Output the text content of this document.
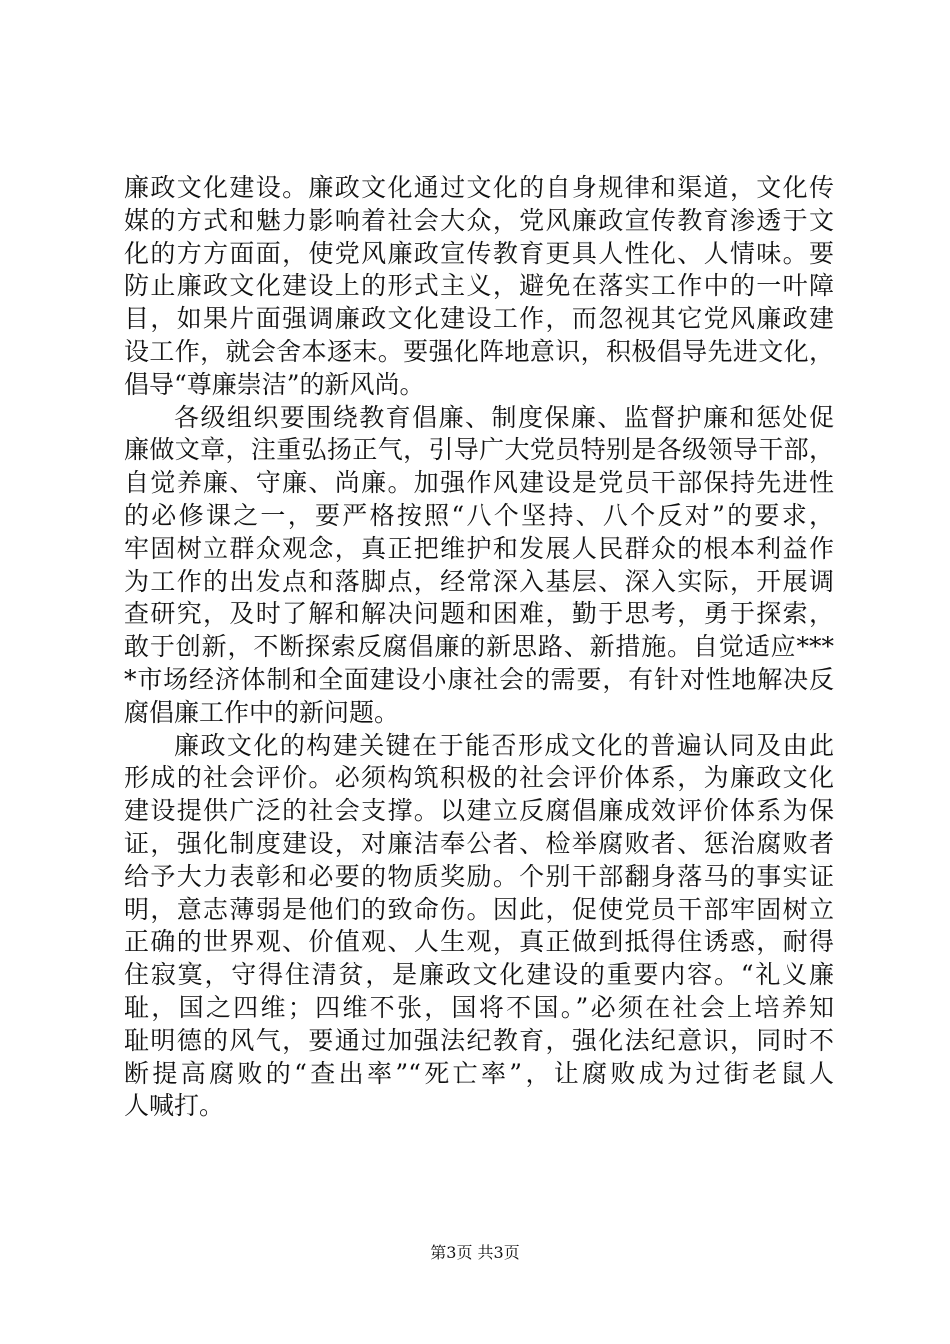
廉政文化建设。廉政文化通过文化的自身规律和渠道，文化传
媒的方式和魅力影响着社会大众，党风廉政宣传教育渗透于文
化的方方面面，使党风廉政宣传教育更具人性化、人情味。要
防止廉政文化建设上的形式主义，避免在落实工作中的一叶障
目，如果片面强调廉政文化建设工作，而忽视其它党风廉政建
设工作，就会舍本逐末。要强化阵地意识，积极倡导先进文化，
倡导“尊廉崇洁”的新风尚。
各级组织要围绕教育倡廉、制度保廉、监督护廉和惩处促
廉做文章，注重弘扬正气，引导广大党员特别是各级领导干部，
自觉养廉、守廉、尚廉。加强作风建设是党员干部保持先进性
的必修课之一，要严格按照“八个坚持、八个反对”的要求，
牢固树立群众观念，真正把维护和发展人民群众的根本利益作
为工作的出发点和落脚点，经常深入基层、深入实际，开展调
查研究，及时了解和解决问题和困难，勤于思考，勇于探索，
敢于创新，不断探索反腐倡廉的新思路、新措施。自觉适应***
*市场经济体制和全面建设小康社会的需要，有针对性地解决反
腐倡廉工作中的新问题。
廉政文化的构建关键在于能否形成文化的普遍认同及由此
形成的社会评价。必须构筑积极的社会评价体系，为廉政文化
建设提供广泛的社会支撑。以建立反腐倡廉成效评价体系为保
证，强化制度建设，对廉洁奉公者、检举腐败者、惩治腐败者
给予大力表彰和必要的物质奖励。个别干部翻身落马的事实证
明，意志薄弱是他们的致命伤。因此，促使党员干部牢固树立
正确的世界观、价值观、人生观，真正做到抵得住诱惑，耐得
住寂寞，守得住清贫，是廉政文化建设的重要内容。“礼义廉
耻，国之四维；四维不张，国将不国。”必须在社会上培养知
耻明德的风气，要通过加强法纪教育，强化法纪意识，同时不
断提高腐败的“查出率”“死亡率”，让腐败成为过街老鼠人
人喊打。
第3页 共3页
